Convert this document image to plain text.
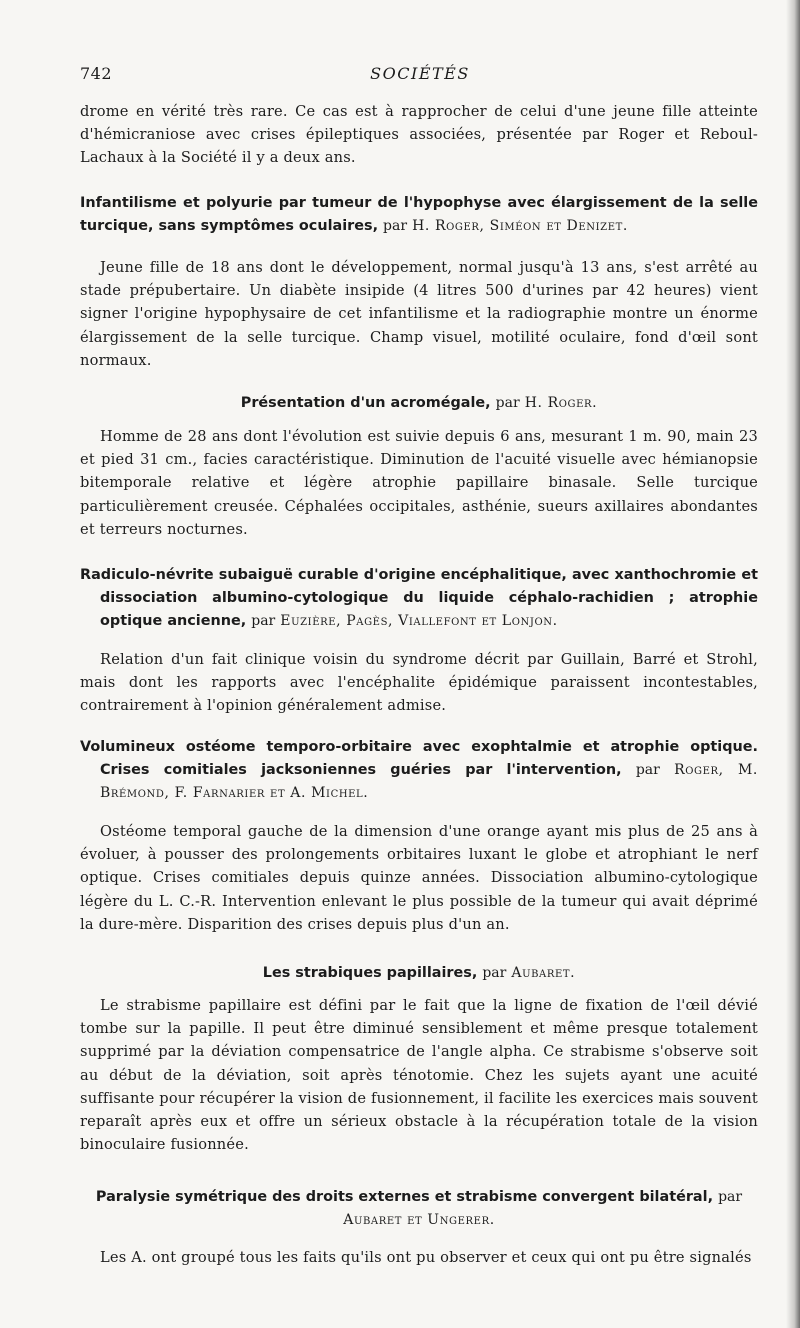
742	SOCIÉTÉS

drome en vérité très rare. Ce cas est à rapprocher de celui d'une jeune fille atteinte d'hémicraniose avec crises épileptiques associées, présentée par Roger et Reboul-Lachaux à la Société il y a deux ans.

Infantilisme et polyurie par tumeur de l'hypophyse avec élargissement de la selle turcique, sans symptômes oculaires, par H. Roger, Siméon et Denizet.

Jeune fille de 18 ans dont le développement, normal jusqu'à 13 ans, s'est arrêté au stade prépubertaire. Un diabète insipide (4 litres 500 d'urines par 42 heures) vient signer l'origine hypophysaire de cet infantilisme et la radiographie montre un énorme élargissement de la selle turcique. Champ visuel, motilité oculaire, fond d'œil sont normaux.

Présentation d'un acromégale, par H. Roger.

Homme de 28 ans dont l'évolution est suivie depuis 6 ans, mesurant 1 m. 90, main 23 et pied 31 cm., facies caractéristique. Diminution de l'acuité visuelle avec hémianopsie bitemporale relative et légère atrophie papillaire binasale. Selle turcique particulièrement creusée. Céphalées occipitales, asthénie, sueurs axillaires abondantes et terreurs nocturnes.

Radiculo-névrite subaiguë curable d'origine encéphalitique, avec xanthochromie et dissociation albumino-cytologique du liquide céphalo-rachidien ; atrophie optique ancienne, par Euzière, Pagès, Viallefont et Lonjon.

Relation d'un fait clinique voisin du syndrome décrit par Guillain, Barré et Strohl, mais dont les rapports avec l'encéphalite épidémique paraissent incontestables, contrairement à l'opinion généralement admise.

Volumineux ostéome temporo-orbitaire avec exophtalmie et atrophie optique. Crises comitiales jacksoniennes guéries par l'intervention, par Roger, M. Brémond, F. Farnarier et A. Michel.

Ostéome temporal gauche de la dimension d'une orange ayant mis plus de 25 ans à évoluer, à pousser des prolongements orbitaires luxant le globe et atrophiant le nerf optique. Crises comitiales depuis quinze années. Dissociation albumino-cytologique légère du L. C.-R. Intervention enlevant le plus possible de la tumeur qui avait déprimé la dure-mère. Disparition des crises depuis plus d'un an.

Les strabiques papillaires, par Aubaret.

Le strabisme papillaire est défini par le fait que la ligne de fixation de l'œil dévié tombe sur la papille. Il peut être diminué sensiblement et même presque totalement supprimé par la déviation compensatrice de l'angle alpha. Ce strabisme s'observe soit au début de la déviation, soit après ténotomie. Chez les sujets ayant une acuité suffisante pour récupérer la vision de fusionnement, il facilite les exercices mais souvent reparaît après eux et offre un sérieux obstacle à la récupération totale de la vision binoculaire fusionnée.

Paralysie symétrique des droits externes et strabisme convergent bilatéral, par Aubaret et Ungerer.

Les A. ont groupé tous les faits qu'ils ont pu observer et ceux qui ont pu être signalés
